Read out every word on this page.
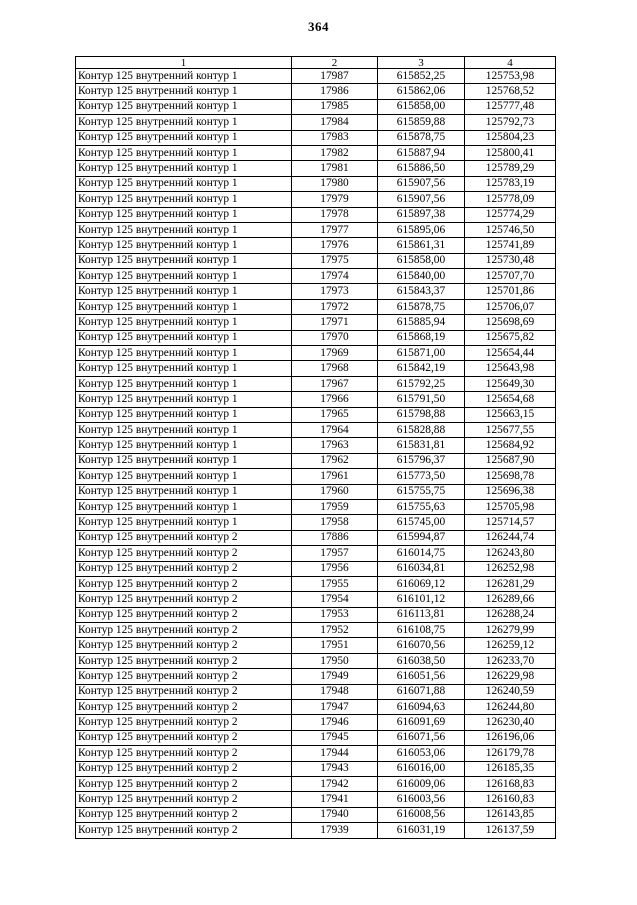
364
1	2	3	4
Контур 125 внутренний контур 1	17987	615852,25	125753,98
Контур 125 внутренний контур 1	17986	615862,06	125768,52
Контур 125 внутренний контур 1	17985	615858,00	125777,48
Контур 125 внутренний контур 1	17984	615859,88	125792,73
Контур 125 внутренний контур 1	17983	615878,75	125804,23
Контур 125 внутренний контур 1	17982	615887,94	125800,41
Контур 125 внутренний контур 1	17981	615886,50	125789,29
Контур 125 внутренний контур 1	17980	615907,56	125783,19
Контур 125 внутренний контур 1	17979	615907,56	125778,09
Контур 125 внутренний контур 1	17978	615897,38	125774,29
Контур 125 внутренний контур 1	17977	615895,06	125746,50
Контур 125 внутренний контур 1	17976	615861,31	125741,89
Контур 125 внутренний контур 1	17975	615858,00	125730,48
Контур 125 внутренний контур 1	17974	615840,00	125707,70
Контур 125 внутренний контур 1	17973	615843,37	125701,86
Контур 125 внутренний контур 1	17972	615878,75	125706,07
Контур 125 внутренний контур 1	17971	615885,94	125698,69
Контур 125 внутренний контур 1	17970	615868,19	125675,82
Контур 125 внутренний контур 1	17969	615871,00	125654,44
Контур 125 внутренний контур 1	17968	615842,19	125643,98
Контур 125 внутренний контур 1	17967	615792,25	125649,30
Контур 125 внутренний контур 1	17966	615791,50	125654,68
Контур 125 внутренний контур 1	17965	615798,88	125663,15
Контур 125 внутренний контур 1	17964	615828,88	125677,55
Контур 125 внутренний контур 1	17963	615831,81	125684,92
Контур 125 внутренний контур 1	17962	615796,37	125687,90
Контур 125 внутренний контур 1	17961	615773,50	125698,78
Контур 125 внутренний контур 1	17960	615755,75	125696,38
Контур 125 внутренний контур 1	17959	615755,63	125705,98
Контур 125 внутренний контур 1	17958	615745,00	125714,57
Контур 125 внутренний контур 2	17886	615994,87	126244,74
Контур 125 внутренний контур 2	17957	616014,75	126243,80
Контур 125 внутренний контур 2	17956	616034,81	126252,98
Контур 125 внутренний контур 2	17955	616069,12	126281,29
Контур 125 внутренний контур 2	17954	616101,12	126289,66
Контур 125 внутренний контур 2	17953	616113,81	126288,24
Контур 125 внутренний контур 2	17952	616108,75	126279,99
Контур 125 внутренний контур 2	17951	616070,56	126259,12
Контур 125 внутренний контур 2	17950	616038,50	126233,70
Контур 125 внутренний контур 2	17949	616051,56	126229,98
Контур 125 внутренний контур 2	17948	616071,88	126240,59
Контур 125 внутренний контур 2	17947	616094,63	126244,80
Контур 125 внутренний контур 2	17946	616091,69	126230,40
Контур 125 внутренний контур 2	17945	616071,56	126196,06
Контур 125 внутренний контур 2	17944	616053,06	126179,78
Контур 125 внутренний контур 2	17943	616016,00	126185,35
Контур 125 внутренний контур 2	17942	616009,06	126168,83
Контур 125 внутренний контур 2	17941	616003,56	126160,83
Контур 125 внутренний контур 2	17940	616008,56	126143,85
Контур 125 внутренний контур 2	17939	616031,19	126137,59
